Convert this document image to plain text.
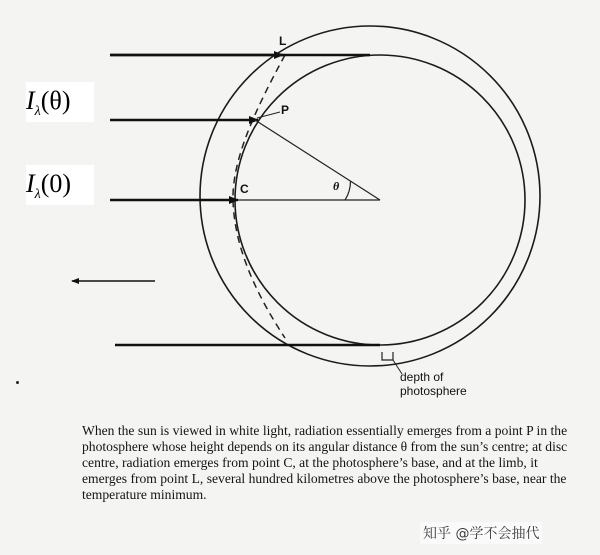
L
P
C	θ
depth of
photosphere
$I_\lambda(\theta)$
$I_\lambda(0)$
When the sun is viewed in white light, radiation essentially emerges from a point P in the photosphere whose height depends on its angular distance θ from the sun’s centre; at disc centre, radiation emerges from point C, at the photosphere’s base, and at the limb, it emerges from point L, several hundred kilometres above the photosphere’s base, near the temperature minimum.
知乎 @学不会抽代
